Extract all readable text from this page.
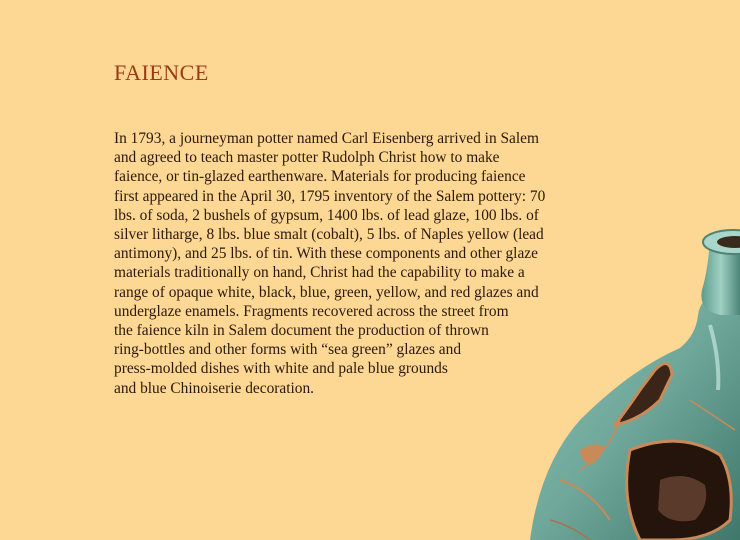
FAIENCE

In 1793, a journeyman potter named Carl Eisenberg arrived in Salem
and agreed to teach master potter Rudolph Christ how to make
faience, or tin-glazed earthenware. Materials for producing faience
first appeared in the April 30, 1795 inventory of the Salem pottery: 70
lbs. of soda, 2 bushels of gypsum, 1400 lbs. of lead glaze, 100 lbs. of
silver litharge, 8 lbs. blue smalt (cobalt), 5 lbs. of Naples yellow (lead
antimony), and 25 lbs. of tin. With these components and other glaze
materials traditionally on hand, Christ had the capability to make a
range of opaque white, black, blue, green, yellow, and red glazes and
underglaze enamels. Fragments recovered across the street from
the faience kiln in Salem document the production of thrown
ring-bottles and other forms with “sea green” glazes and
press-molded dishes with white and pale blue grounds
and blue Chinoiserie decoration.
